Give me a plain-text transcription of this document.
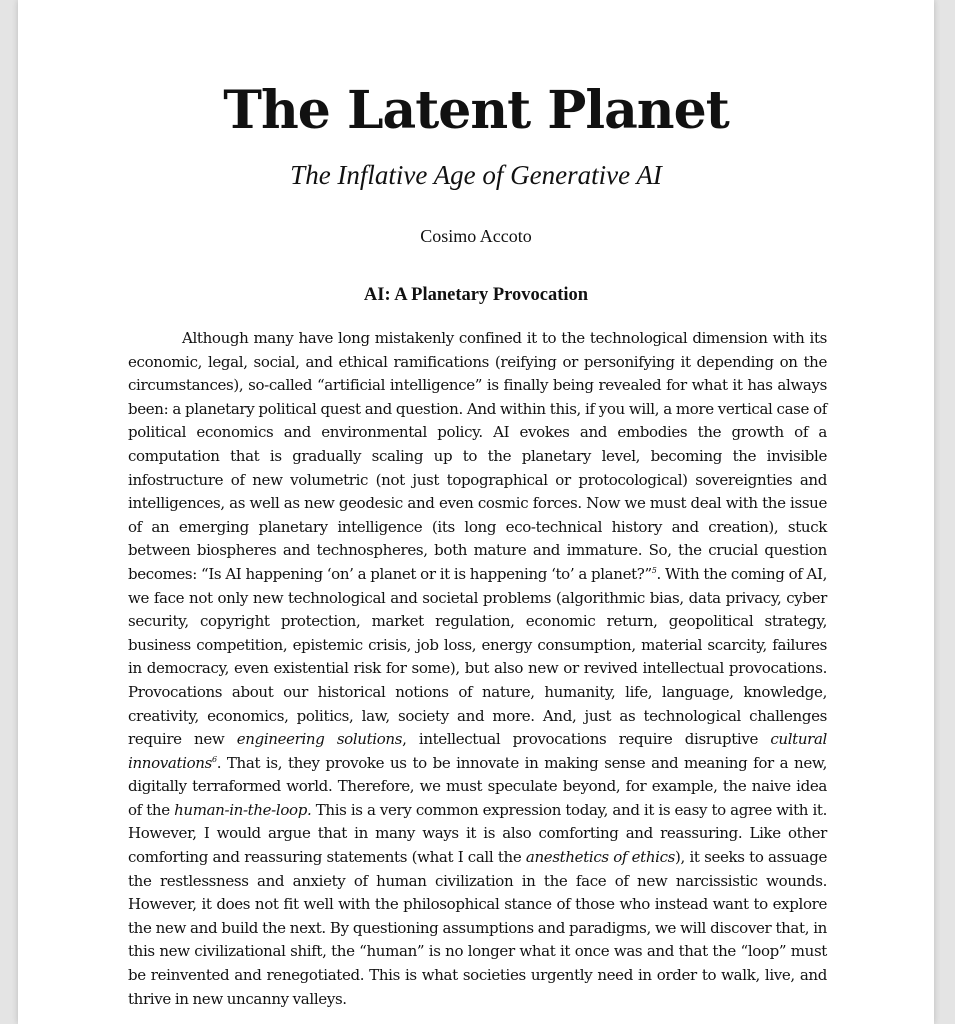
The Latent Planet

The Inflative Age of Generative AI

Cosimo Accoto

AI: A Planetary Provocation

Although many have long mistakenly confined it to the technological dimension with its economic, legal, social, and ethical ramifications (reifying or personifying it depending on the circumstances), so-called “artificial intelligence” is finally being revealed for what it has always been: a planetary political quest and question. And within this, if you will, a more vertical case of political economics and environmental policy. AI evokes and embodies the growth of a computation that is gradually scaling up to the planetary level, becoming the invisible infostructure of new volumetric (not just topographical or protocological) sovereignties and intelligences, as well as new geodesic and even cosmic forces. Now we must deal with the issue of an emerging planetary intelligence (its long eco-technical history and creation), stuck between biospheres and technospheres, both mature and immature. So, the crucial question becomes: “Is AI happening ‘on’ a planet or it is happening ‘to’ a planet?”$^5$. With the coming of AI, we face not only new technological and societal problems (algorithmic bias, data privacy, cyber security, copyright protection, market regulation, economic return, geopolitical strategy, business competition, epistemic crisis, job loss, energy consumption, material scarcity, failures in democracy, even existential risk for some), but also new or revived intellectual provocations. Provocations about our historical notions of nature, humanity, life, language, knowledge, creativity, economics, politics, law, society and more. And, just as technological challenges require new engineering solutions, intellectual provocations require disruptive cultural innovations$^6$. That is, they provoke us to be innovate in making sense and meaning for a new, digitally terraformed world. Therefore, we must speculate beyond, for example, the naive idea of the human-in-the-loop. This is a very common expression today, and it is easy to agree with it. However, I would argue that in many ways it is also comforting and reassuring. Like other comforting and reassuring statements (what I call the anesthetics of ethics), it seeks to assuage the restlessness and anxiety of human civilization in the face of new narcissistic wounds. However, it does not fit well with the philosophical stance of those who instead want to explore the new and build the next. By questioning assumptions and paradigms, we will discover that, in this new civilizational shift, the “human” is no longer what it once was and that the “loop” must be reinvented and renegotiated. This is what societies urgently need in order to walk, live, and thrive in new uncanny valleys.
